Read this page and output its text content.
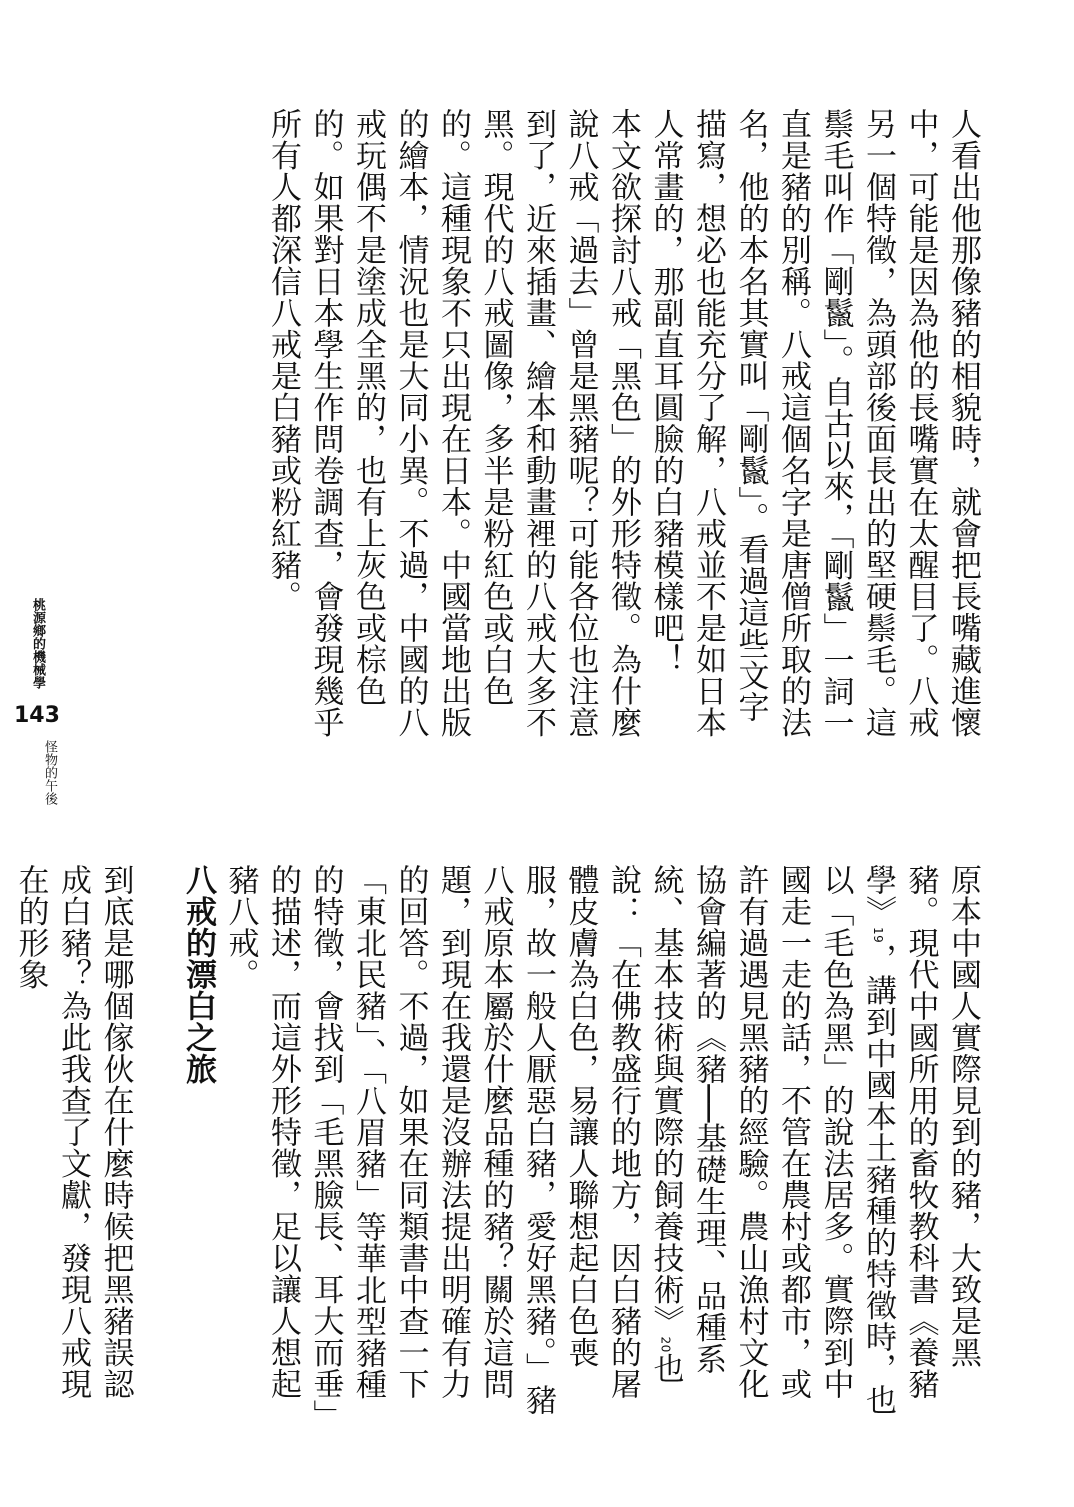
人看出他那像豬的相貌時，就會把長嘴藏進懷中，可能是因為他的長嘴實在太醒目了。八戒另一個特徵，為頭部後面長出的堅硬鬃毛。這鬃毛叫作「剛鬣」。自古以來，「剛鬣」一詞一直是豬的別稱。八戒這個名字是唐僧所取的法名，他的本名其實叫「剛鬣」。看過這些文字描寫，想必也能充分了解，八戒並不是如日本人常畫的，那副直耳圓臉的白豬模樣吧！

本文欲探討八戒「黑色」的外形特徵。為什麼說八戒「過去」曾是黑豬呢？可能各位也注意到了，近來插畫、繪本和動畫裡的八戒大多不黑。現代的八戒圖像，多半是粉紅色或白色的。這種現象不只出現在日本。中國當地出版的繪本，情況也是大同小異。不過，中國的八戒玩偶不是塗成全黑的，也有上灰色或棕色的。如果對日本學生作問卷調查，會發現幾乎所有人都深信八戒是白豬或粉紅豬。

原本中國人實際見到的豬，大致是黑豬。現代中國所用的畜牧教科書《養豬學》19，講到中國本土豬種的特徵時，也以「毛色為黑」的說法居多。實際到中國走一走的話，不管在農村或都市，或許有過遇見黑豬的經驗。農山漁村文化協會編著的《豬──基礎生理、品種系統、基本技術與實際的飼養技術》20也說：「在佛教盛行的地方，因白豬的屠體皮膚為白色，易讓人聯想起白色喪服，故一般人厭惡白豬，愛好黑豬。」豬八戒原本屬於什麼品種的豬？關於這問題，到現在我還是沒辦法提出明確有力的回答。不過，如果在同類書中查一下「東北民豬」、「八眉豬」等華北型豬種的特徵，會找到「毛黑臉長、耳大而垂」的描述，而這外形特徵，足以讓人想起豬八戒。

八戒的漂白之旅

到底是哪個傢伙在什麼時候把黑豬誤認成白豬？為此我查了文獻，發現八戒現在的形象

桃源鄉的機械學
143
怪物的午後
